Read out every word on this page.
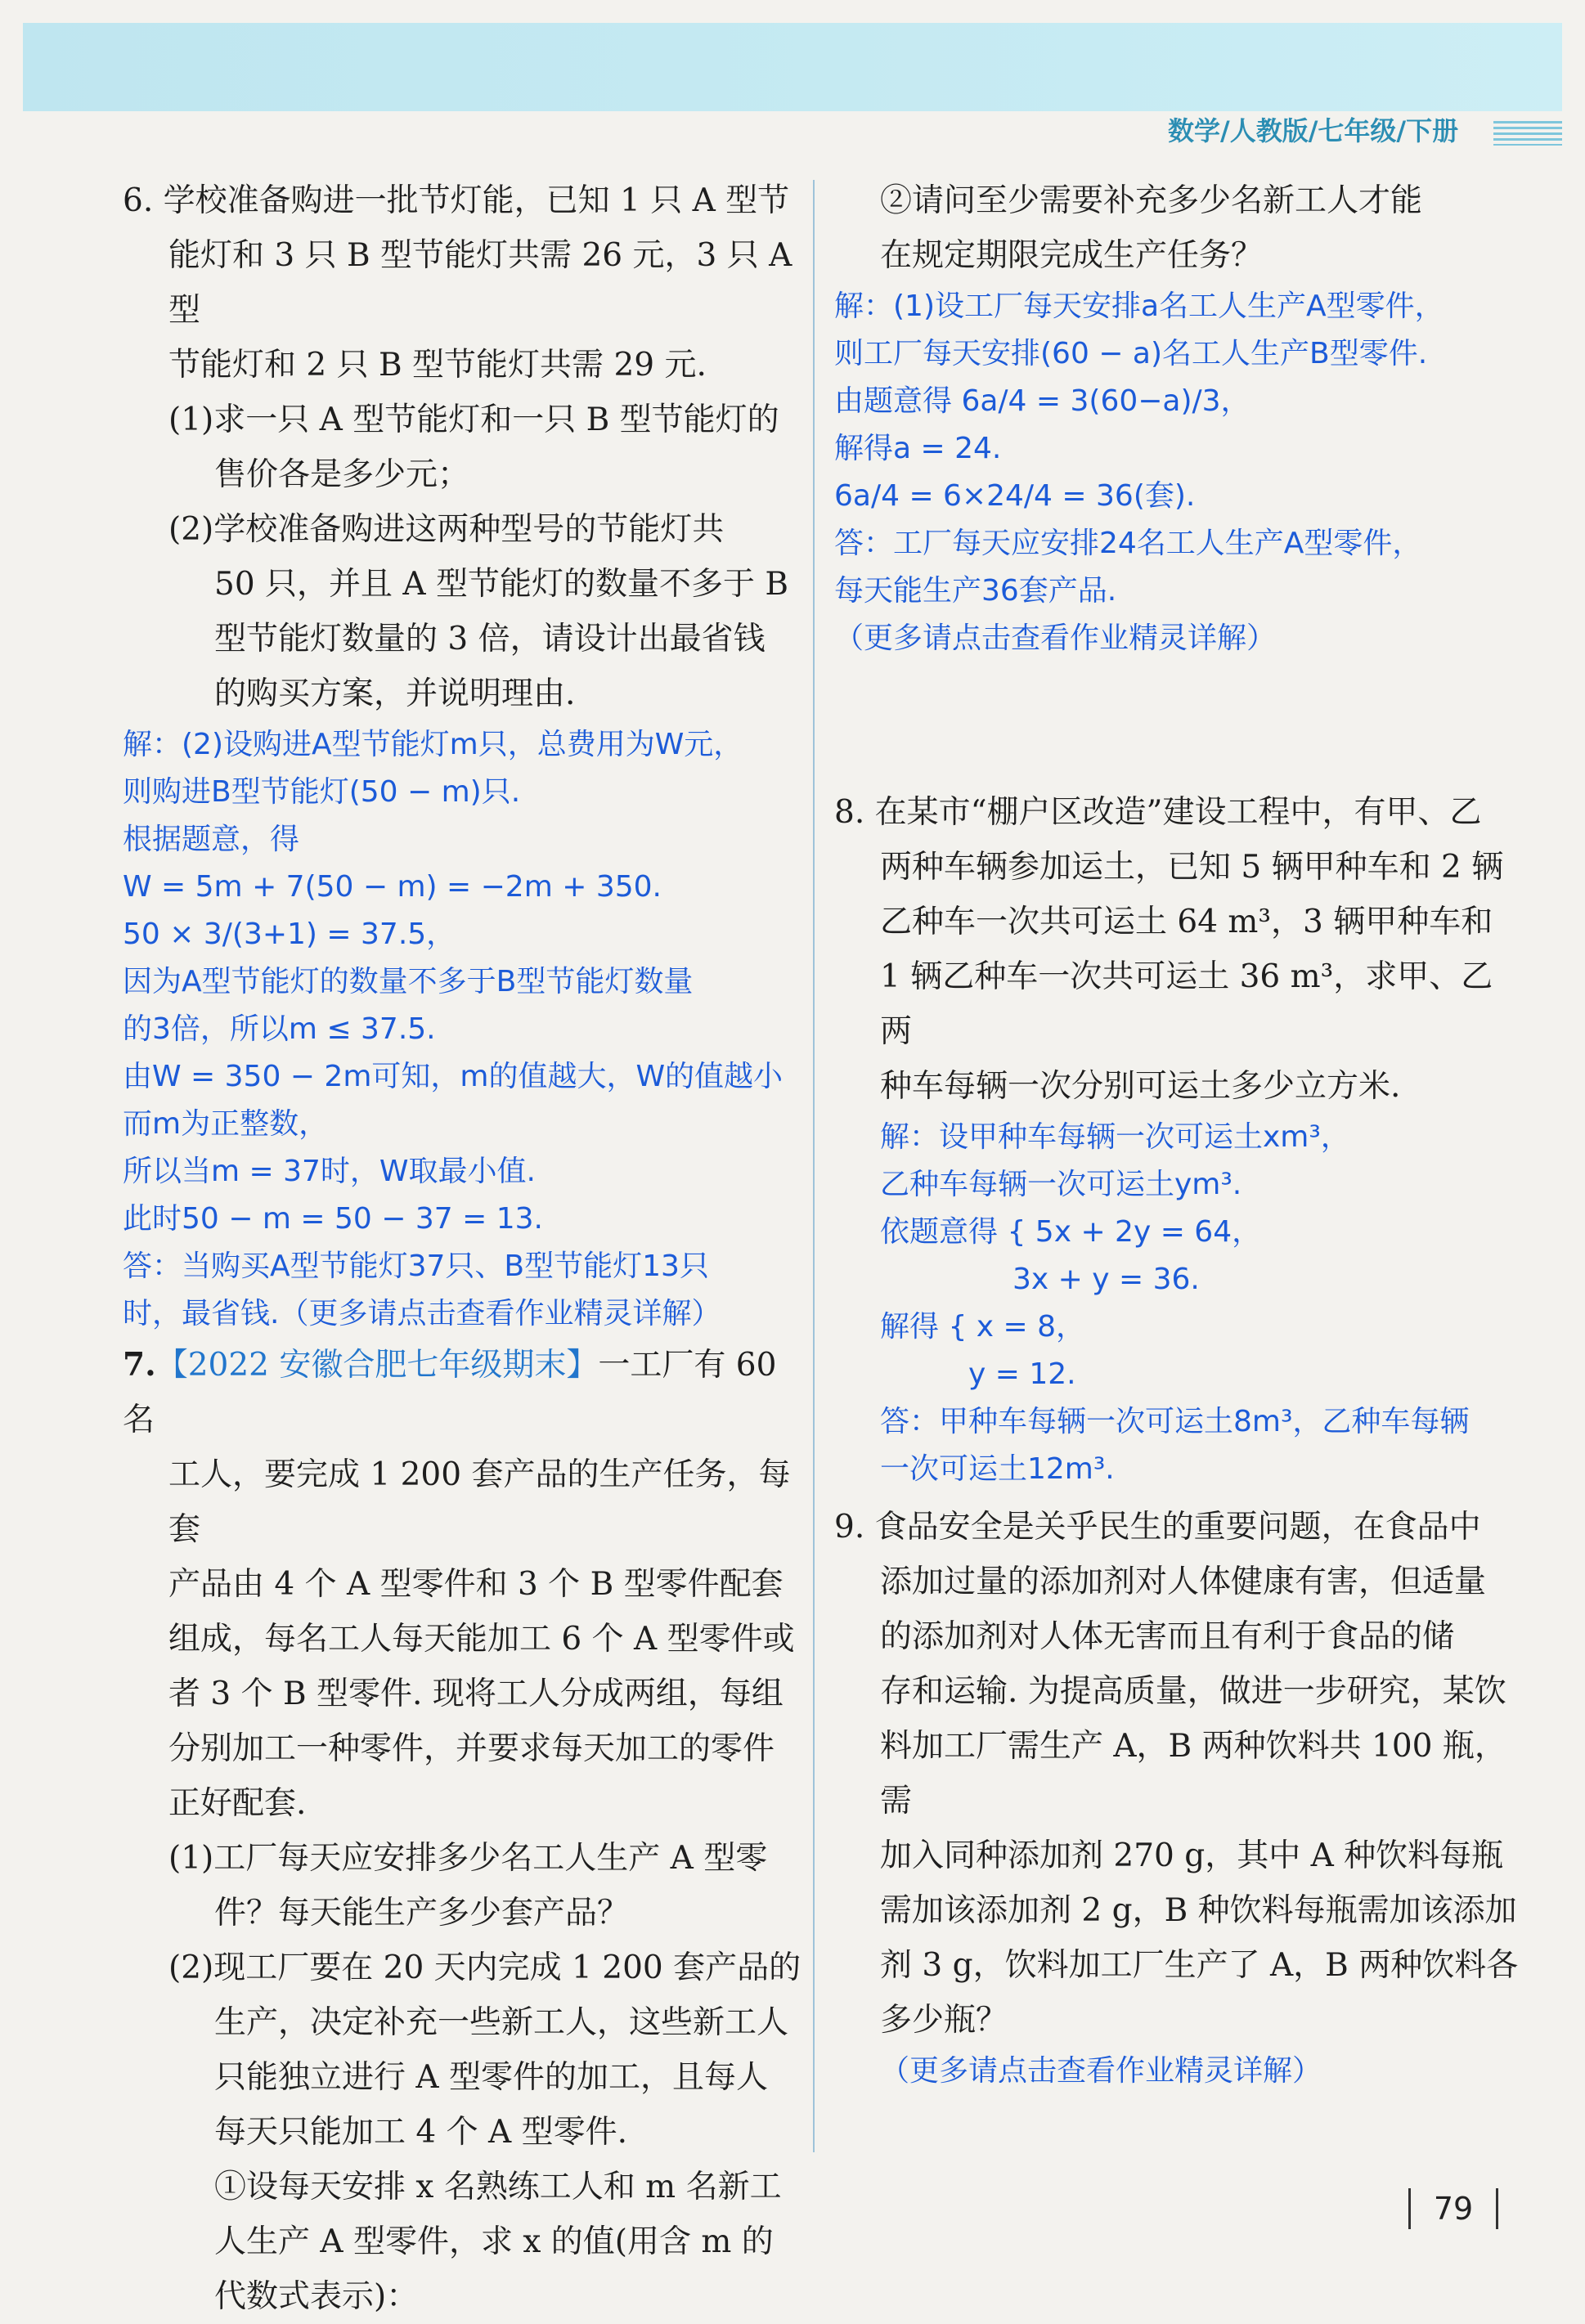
数学/人教版/七年级/下册

6. 学校准备购进一批节灯能，已知 1 只 A 型节

能灯和 3 只 B 型节能灯共需 26 元，3 只 A 型

节能灯和 2 只 B 型节能灯共需 29 元.

(1)求一只 A 型节能灯和一只 B 型节能灯的

售价各是多少元；

(2)学校准备购进这两种型号的节能灯共

50 只，并且 A 型节能灯的数量不多于 B

型节能灯数量的 3 倍，请设计出最省钱

的购买方案，并说明理由.

解：(2)设购进A型节能灯m只，总费用为W元，

则购进B型节能灯(50 − m)只.

根据题意，得

W = 5m + 7(50 − m) = −2m + 350.

50 × 3/(3+1) = 37.5，

因为A型节能灯的数量不多于B型节能灯数量

的3倍，所以m ≤ 37.5.

由W = 350 − 2m可知，m的值越大，W的值越小

而m为正整数，

所以当m = 37时，W取最小值.

此时50 − m = 50 − 37 = 13.

答：当购买A型节能灯37只、B型节能灯13只

时，最省钱.（更多请点击查看作业精灵详解）

7.【2022 安徽合肥七年级期末】一工厂有 60 名

工人，要完成 1 200 套产品的生产任务，每套

产品由 4 个 A 型零件和 3 个 B 型零件配套

组成，每名工人每天能加工 6 个 A 型零件或

者 3 个 B 型零件. 现将工人分成两组，每组

分别加工一种零件，并要求每天加工的零件

正好配套.

(1)工厂每天应安排多少名工人生产 A 型零

件？每天能生产多少套产品？

(2)现工厂要在 20 天内完成 1 200 套产品的

生产，决定补充一些新工人，这些新工人

只能独立进行 A 型零件的加工，且每人

每天只能加工 4 个 A 型零件.

①设每天安排 x 名熟练工人和 m 名新工

人生产 A 型零件，求 x 的值(用含 m 的

代数式表示)：

②请问至少需要补充多少名新工人才能

在规定期限完成生产任务？

解：(1)设工厂每天安排a名工人生产A型零件，

则工厂每天安排(60 − a)名工人生产B型零件.

由题意得 6a/4 = 3(60−a)/3，

解得a = 24.

6a/4 = 6×24/4 = 36(套).

答：工厂每天应安排24名工人生产A型零件，

每天能生产36套产品.

（更多请点击查看作业精灵详解）

8. 在某市“棚户区改造”建设工程中，有甲、乙

两种车辆参加运土，已知 5 辆甲种车和 2 辆

乙种车一次共可运土 64 m³，3 辆甲种车和

1 辆乙种车一次共可运土 36 m³，求甲、乙两

种车每辆一次分别可运土多少立方米.

解：设甲种车每辆一次可运土xm³，

乙种车每辆一次可运土ym³.

依题意得 { 5x + 2y = 64，

3x + y = 36.

解得 { x = 8，

y = 12.

答：甲种车每辆一次可运土8m³，乙种车每辆

一次可运土12m³.

9. 食品安全是关乎民生的重要问题，在食品中

添加过量的添加剂对人体健康有害，但适量

的添加剂对人体无害而且有利于食品的储

存和运输. 为提高质量，做进一步研究，某饮

料加工厂需生产 A，B 两种饮料共 100 瓶，需

加入同种添加剂 270 g，其中 A 种饮料每瓶

需加该添加剂 2 g，B 种饮料每瓶需加该添加

剂 3 g，饮料加工厂生产了 A，B 两种饮料各

多少瓶？

（更多请点击查看作业精灵详解）

79
